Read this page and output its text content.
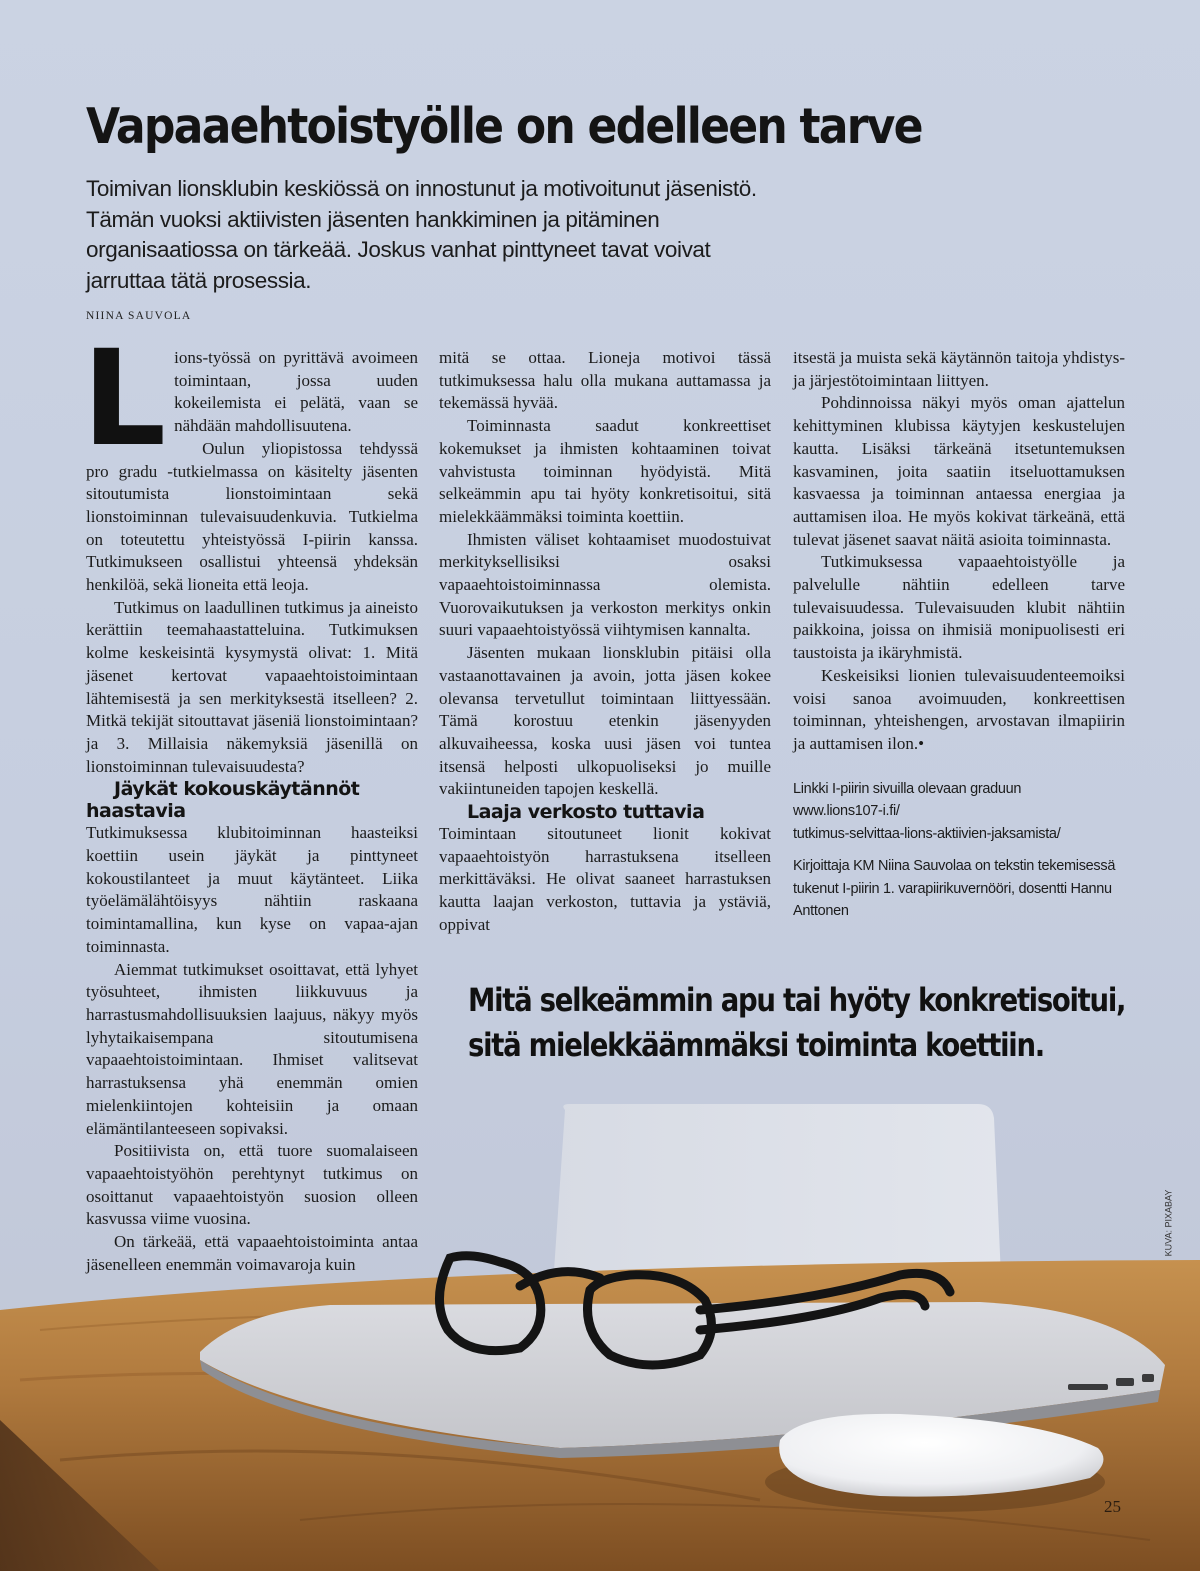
Vapaaehtoistyölle on edelleen tarve

Toimivan lionsklubin keskiössä on innostunut ja motivoitunut jäsenistö. Tämän vuoksi aktiivisten jäsenten hankkiminen ja pitäminen organisaatiossa on tärkeää. Joskus vanhat pinttyneet tavat voivat jarruttaa tätä prosessia.

NIINA SAUVOLA

Lions-työssä on pyrittävä avoimeen toimintaan, jossa uuden kokeilemista ei pelätä, vaan se nähdään mahdollisuutena.

Oulun yliopistossa tehdyssä pro gradu -tutkielmassa on käsitelty jäsenten sitoutumista lionstoimintaan sekä lionstoiminnan tulevaisuudenkuvia. Tutkielma on toteutettu yhteistyössä I-piirin kanssa. Tutkimukseen osallistui yhteensä yhdeksän henkilöä, sekä lioneita että leoja.

Tutkimus on laadullinen tutkimus ja aineisto kerättiin teemahaastatteluina. Tutkimuksen kolme keskeisintä kysymystä olivat: 1. Mitä jäsenet kertovat vapaaehtoistoimintaan lähtemisestä ja sen merkityksestä itselleen? 2. Mitkä tekijät sitouttavat jäseniä lionstoimintaan? ja 3. Millaisia näkemyksiä jäsenillä on lionstoiminnan tulevaisuudesta?

Jäykät kokouskäytännöt haastavia

Tutkimuksessa klubitoiminnan haasteiksi koettiin usein jäykät ja pinttyneet kokoustilanteet ja muut käytänteet. Liika työelämälähtöisyys nähtiin raskaana toimintamallina, kun kyse on vapaa-ajan toiminnasta.

Aiemmat tutkimukset osoittavat, että lyhyet työsuhteet, ihmisten liikkuvuus ja harrastusmahdollisuuksien laajuus, näkyy myös lyhytaikaisempana sitoutumisena vapaaehtoistoimintaan. Ihmiset valitsevat harrastuksensa yhä enemmän omien mielenkiintojen kohteisiin ja omaan elämäntilanteeseen sopivaksi.

Positiivista on, että tuore suomalaiseen vapaaehtoistyöhön perehtynyt tutkimus on osoittanut vapaaehtoistyön suosion olleen kasvussa viime vuosina.

On tärkeää, että vapaaehtoistoiminta antaa jäsenelleen enemmän voimavaroja kuin

mitä se ottaa. Lioneja motivoi tässä tutkimuksessa halu olla mukana auttamassa ja tekemässä hyvää.

Toiminnasta saadut konkreettiset kokemukset ja ihmisten kohtaaminen toivat vahvistusta toiminnan hyödyistä. Mitä selkeämmin apu tai hyöty konkretisoitui, sitä mielekkäämmäksi toiminta koettiin.

Ihmisten väliset kohtaamiset muodostuivat merkityksellisiksi osaksi vapaaehtoistoiminnassa olemista. Vuorovaikutuksen ja verkoston merkitys onkin suuri vapaaehtoistyössä viihtymisen kannalta.

Jäsenten mukaan lionsklubin pitäisi olla vastaanottavainen ja avoin, jotta jäsen kokee olevansa tervetullut toimintaan liittyessään. Tämä korostuu etenkin jäsenyyden alkuvaiheessa, koska uusi jäsen voi tuntea itsensä helposti ulkopuoliseksi jo muille vakiintuneiden tapojen keskellä.

Laaja verkosto tuttavia

Toimintaan sitoutuneet lionit kokivat vapaaehtoistyön harrastuksena itselleen merkittäväksi. He olivat saaneet harrastuksen kautta laajan verkoston, tuttavia ja ystäviä, oppivat

itsestä ja muista sekä käytännön taitoja yhdistys- ja järjestötoimintaan liittyen.

Pohdinnoissa näkyi myös oman ajattelun kehittyminen klubissa käytyjen keskustelujen kautta. Lisäksi tärkeänä itsetuntemuksen kasvaminen, joita saatiin itseluottamuksen kasvaessa ja toiminnan antaessa energiaa ja auttamisen iloa. He myös kokivat tärkeänä, että tulevat jäsenet saavat näitä asioita toiminnasta.

Tutkimuksessa vapaaehtoistyölle ja palvelulle nähtiin edelleen tarve tulevaisuudessa. Tulevaisuuden klubit nähtiin paikkoina, joissa on ihmisiä monipuolisesti eri taustoista ja ikäryhmistä.

Keskeisiksi lionien tulevaisuudenteemoiksi voisi sanoa avoimuuden, konkreettisen toiminnan, yhteishengen, arvostavan ilmapiirin ja auttamisen ilon.•

Linkki I-piirin sivuilla olevaan graduun
www.lions107-i.fi/
tutkimus-selvittaa-lions-aktiivien-jaksamista/
Kirjoittaja KM Niina Sauvolaa on tekstin tekemisessä tukenut I-piirin 1. varapiirikuvernööri, dosentti Hannu Anttonen
Mitä selkeämmin apu tai hyöty konkretisoitui,
sitä mielekkäämmäksi toiminta koettiin.
KUVA: PIXABAY
25
